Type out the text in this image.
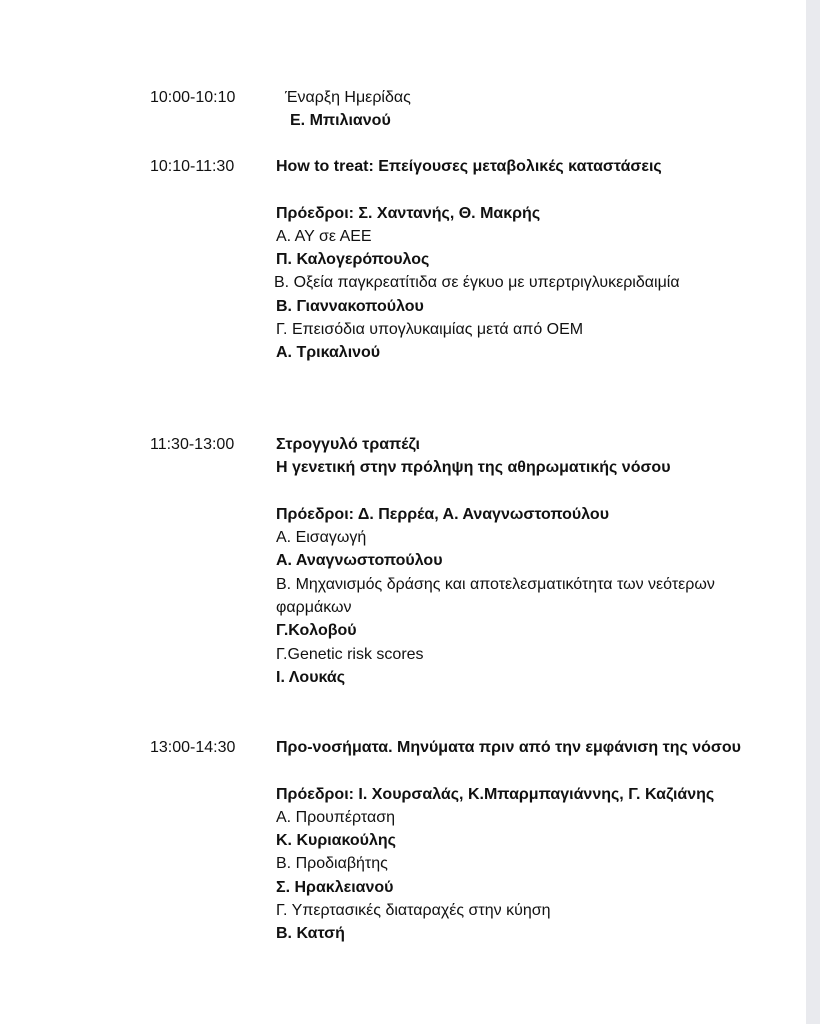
10:00-10:10	Έναρξη Ημερίδας
Ε. Μπιλιανού
10:10-11:30	How to treat: Επείγουσες μεταβολικές καταστάσεις
Πρόεδροι: Σ. Χαντανής, Θ. Μακρής
Α. ΑΥ σε ΑΕΕ
Π. Καλογερόπουλος
Β. Οξεία παγκρεατίτιδα σε έγκυο με υπερτριγλυκεριδαιμία
Β. Γιαννακοπούλου
Γ. Επεισόδια υπογλυκαιμίας μετά από ΟΕΜ
Α. Τρικαλινού
11:30-13:00	Στρογγυλό τραπέζι
Η γενετική στην πρόληψη της αθηρωματικής νόσου
Πρόεδροι: Δ. Περρέα, Α. Αναγνωστοπούλου
Α. Εισαγωγή
Α. Αναγνωστοπούλου
Β. Μηχανισμός δράσης και αποτελεσματικότητα των νεότερων
φαρμάκων
Γ.Κολοβού
Γ.Genetic risk scores
Ι. Λουκάς
13:00-14:30	Προ-νοσήματα. Μηνύματα πριν από την εμφάνιση της νόσου
Πρόεδροι: Ι. Χουρσαλάς, Κ.Μπαρμπαγιάννης, Γ. Καζιάνης
Α. Προυπέρταση
Κ. Κυριακούλης
Β. Προδιαβήτης
Σ. Ηρακλειανού
Γ. Υπερτασικές διαταραχές στην κύηση
Β. Κατσή
